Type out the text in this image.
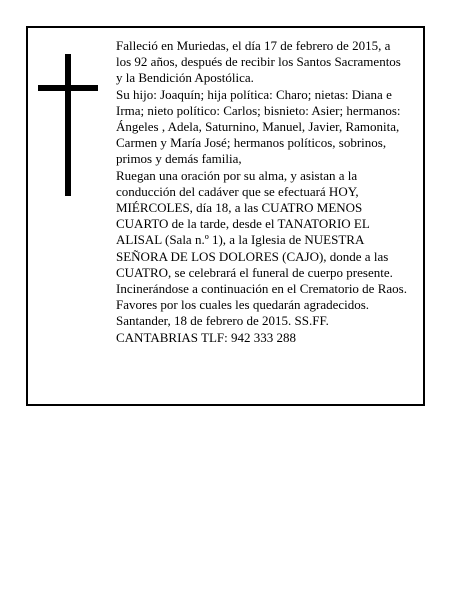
Falleció en Muriedas, el día 17 de febrero de 2015, a
los 92 años, después de recibir los Santos Sacramentos
y la Bendición Apostólica.
Su hijo: Joaquín; hija política: Charo; nietas: Diana e
Irma; nieto político: Carlos; bisnieto: Asier; hermanos:
Ángeles , Adela, Saturnino, Manuel, Javier, Ramonita,
Carmen y María José; hermanos políticos, sobrinos,
primos y demás familia,
Ruegan una oración por su alma, y asistan a la
conducción del cadáver que se efectuará HOY,
MIÉRCOLES, día 18, a las CUATRO MENOS
CUARTO de la tarde, desde el TANATORIO EL
ALISAL (Sala n.º 1), a la Iglesia de NUESTRA
SEÑORA DE LOS DOLORES (CAJO), donde a las
CUATRO, se celebrará el funeral de cuerpo presente.
Incinerándose a continuación en el Crematorio de Raos.
Favores por los cuales les quedarán agradecidos.
Santander, 18 de febrero de 2015. SS.FF.
CANTABRIAS TLF: 942 333 288
